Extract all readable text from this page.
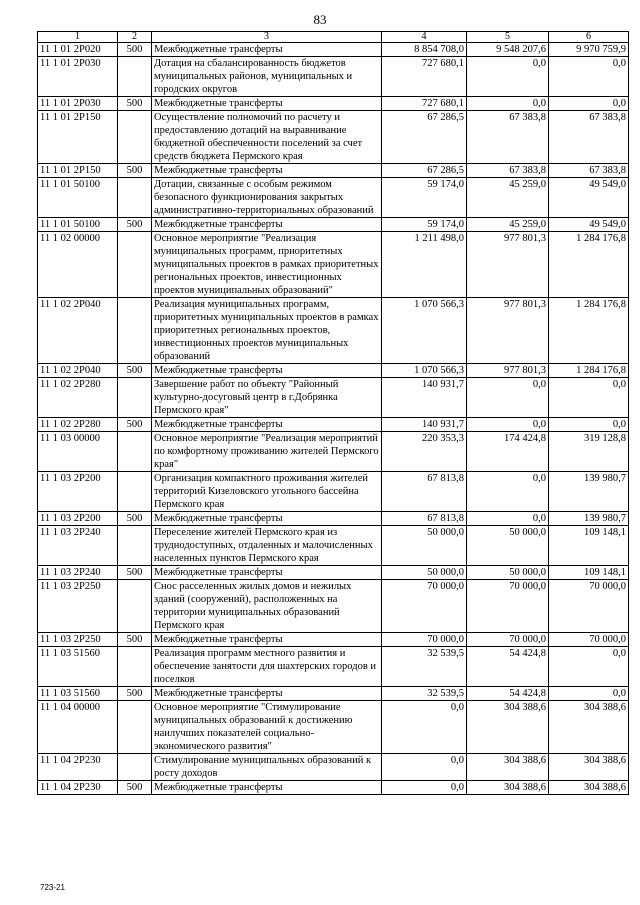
83
1	2	3	4	5	6
11 1 01 2Р020	500	Межбюджетные трансферты	8 854 708,0	9 548 207,6	9 970 759,9
11 1 01 2Р030		Дотация на сбалансированность бюджетов муниципальных районов, муниципальных и городских округов	727 680,1	0,0	0,0
11 1 01 2Р030	500	Межбюджетные трансферты	727 680,1	0,0	0,0
11 1 01 2Р150		Осуществление полномочий по расчету и предоставлению дотаций на выравнивание бюджетной обеспеченности поселений за счет средств бюджета Пермского края	67 286,5	67 383,8	67 383,8
11 1 01 2Р150	500	Межбюджетные трансферты	67 286,5	67 383,8	67 383,8
11 1 01 50100		Дотации, связанные с особым режимом безопасного функционирования закрытых административно-территориальных образований	59 174,0	45 259,0	49 549,0
11 1 01 50100	500	Межбюджетные трансферты	59 174,0	45 259,0	49 549,0
11 1 02 00000		Основное мероприятие "Реализация муниципальных программ, приоритетных муниципальных проектов в рамках приоритетных региональных проектов, инвестиционных проектов муниципальных образований"	1 211 498,0	977 801,3	1 284 176,8
11 1 02 2Р040		Реализация муниципальных программ, приоритетных муниципальных проектов в рамках приоритетных региональных проектов, инвестиционных проектов муниципальных образований	1 070 566,3	977 801,3	1 284 176,8
11 1 02 2Р040	500	Межбюджетные трансферты	1 070 566,3	977 801,3	1 284 176,8
11 1 02 2Р280		Завершение работ по объекту "Районный культурно-досуговый центр в г.Добрянка Пермского края"	140 931,7	0,0	0,0
11 1 02 2Р280	500	Межбюджетные трансферты	140 931,7	0,0	0,0
11 1 03 00000		Основное мероприятие "Реализация мероприятий по комфортному проживанию жителей Пермского края"	220 353,3	174 424,8	319 128,8
11 1 03 2Р200		Организация компактного проживания жителей территорий Кизеловского угольного бассейна Пермского края	67 813,8	0,0	139 980,7
11 1 03 2Р200	500	Межбюджетные трансферты	67 813,8	0,0	139 980,7
11 1 03 2Р240		Переселение жителей Пермского края из труднодоступных, отдаленных и малочисленных населенных пунктов Пермского края	50 000,0	50 000,0	109 148,1
11 1 03 2Р240	500	Межбюджетные трансферты	50 000,0	50 000,0	109 148,1
11 1 03 2Р250		Снос расселенных жилых домов и нежилых зданий (сооружений), расположенных на территории муниципальных образований Пермского края	70 000,0	70 000,0	70 000,0
11 1 03 2Р250	500	Межбюджетные трансферты	70 000,0	70 000,0	70 000,0
11 1 03 51560		Реализация программ местного развития и обеспечение занятости для шахтерских городов и поселков	32 539,5	54 424,8	0,0
11 1 03 51560	500	Межбюджетные трансферты	32 539,5	54 424,8	0,0
11 1 04 00000		Основное мероприятие "Стимулирование муниципальных образований к достижению наилучших показателей социально-экономического развития"	0,0	304 388,6	304 388,6
11 1 04 2Р230		Стимулирование муниципальных образований к росту доходов	0,0	304 388,6	304 388,6
11 1 04 2Р230	500	Межбюджетные трансферты	0,0	304 388,6	304 388,6
723-21
